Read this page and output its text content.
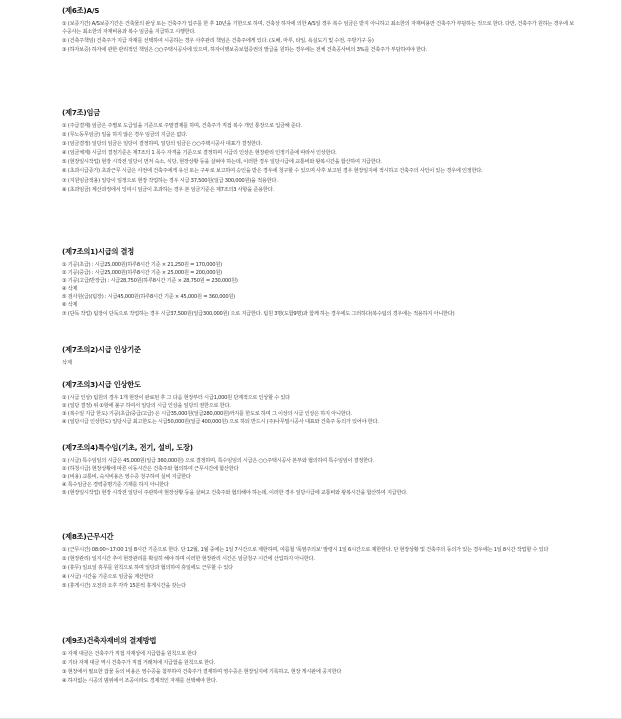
(제6조)A/S
① (보증기간) A/S보증기간은 건축물의 완성 또는 건축주가 입주를 한 후 10년을 기한으로 하며, 건축상 하자에 의한 A/S일 경우 복수 임금은 받지 아니하고 최소한의 자재비용만 건축주가 부담하는 것으로 한다. 다만, 건축주가 원하는 경우에 보수공사는 최소한의 자재비용과 복수 임금을 지급하고 시행한다.
② (건축주책임) 건축주가 지급 자재를 선택하여 시공하는 경우 사후관리 책임은 건축주에게 있다. (도배, 마루, 타일, 욕실도기 및 수전, 주방기구 등)
③ (하자보증) 하자에 관한 관리적인 책임은 ○○주택시공사에 있으며, 하자이행보증보험증권의 발급을 원하는 경우에는 전체 건축공사비의 3%를 건축주가 부담하여야 한다.
(제7조)임금
① (주급결제) 임금은 주별로 도급일을 기준으로 주말결제를 하며, 건축주가 직접 복수 개인 통장으로 입금해 준다.
② (무노동무임금) 일을 하지 않은 경우 임금의 지급은 없다.
③ (임금결정) 일당의 임금은 일당이 결정하며, 일당의 임금은 ○○주택시공사 대표가 결정한다.
④ (임금체계) 시급의 결정기준은 제7조의 1 목수 자격을 기준으로 결정하며 시급의 인상은 현장관리 인정기준에 따라서 인상한다.
⑤ (현장일시작업) 현장 시작전 일당이 먼저 숙소, 식당, 현장상황 등을 살펴야 하는데, 이러한 경우 일당시급에 교통비와 왕복시간을 합산하여 지급한다.
⑥ (초과시급증가) 초과근무 시급은 사전에 건축주에게 유선 또는 구두로 보고하여 승인을 받은 경우에 청구할 수 있으며 사후 보고된 경우 현장일지에 적시하고 건축주의 사인이 있는 경우에 인정한다.
⑦ (지원임금적용) 일당이 일정으로 현장 작업하는 경우 시급 37,500원(일급 300,000원)을 적용한다.
⑧ (초과임금) 계산과정에서 잉여시 임금이 초과하는 경우 본 임금기준은 제7조의3 사항을 준용한다.
(제7조의1)시급의 결정
① 기공(초급) : 시급25,000원(하루8시간 기준 × 21,250원 = 170,000원)
② 기공(중급) : 시급25,000원(하루8시간 기준 × 25,000원 = 200,000원)
③ 기공(고급/반장급) : 시급28,750원(하루8시간 기준 × 28,750원 = 230,000원)
④ 삭제
⑤ 검사원(급)(팀장) : 시급45,000원(하루8시간 기준 × 45,000원 = 360,000원)
⑥ 삭제
⑦ (단독 작업) 팀장이 단독으로 작업하는 경우 시급37,500원(일급300,000원) 으로 지급한다. 팀원 3명(도합9명)과 함께 하는 경우에도 그러하다(복수팀의 경우에는 적용하지 아니한다)
(제7조의2)시급 인상기준
삭제
(제7조의3)시급 인상한도
① (시급 인상) 팀원의 경우 1개 현장이 완료된 후 그 다음 현장부터 시급1,000원 단계적으로 인상할 수 있다
② (일당 결정) 위 ①항에 불구 하여서 일당의 시급 인상을 일당의 권한으로 한다.
③ (복수일 지급 한도) 기공(초급/중급/고급) 은 시급35,000원(일급280,000원)까지를 한도로 하며 그 이상의 시급 인상은 하지 아니한다.
④ (일당시급 인상한도) 일당시급 최고한도는 시급50,000원(일급 400,000원) 으로 하되 반드시 (주)나무밀시공사 대표와 건축주 동의가 있어야 한다.
(제7조의4)특수임(기초, 전기, 설비, 도장)
① (시급) 특수임임의 시급은 45,000원(일급 360,000원) 으로 결정하며, 특수임임의 시급은 ○○주택시공사 본부와 협의하여 특수임임이 결정한다.
② (하청시급) 현장상황에 따른 이동시간은 건축주와 협의하여 근무시간에 합산한다
③ (비용) 교통비, 숙식비용은 영수증 청구하여 실비 지급한다
④ 특수임금은 경력증명기준 기재를 하지 아니한다
⑤ (현장일시작업) 현장 시작전 일당이 주관하여 현장상황 등을 살펴고 건축주와 협의해야 하는데, 이러한 경우 일당시급에 교통비와 왕복시간을 합산하여 지급한다.
(제8조)근무시간
① (근무시간) 08:00~17:00 1일 8시간 기준으로 한다. 단 12월, 1월 중에는 1일 7시간으로 제한하며, 여름철 '폭염주의보' 발령시 1일 6시간으로 제한한다. 단 현장상황 및 건축주의 동의가 있는 경우에는 1일 8시간 작업할 수 있다
② (현장관리) 일지시간 추어 현장관리를 확실히 해야 하며 이러한 현장관리 시간은 임금청구 시간에 산입하지 아니한다.
③ (휴무) 일요일 휴무를 원칙으로 하며 일당과 협의하여 휴일에도 근무할 수 있다
④ (시급) 시간을 기준으로 임금을 계산한다
⑤ (휴게시간) 오전과 오후 각각 15분씩 휴게시간을 갖는다
(제9조)건축자재비의 결제방법
① 자재 대금은 건축주가 직접 자재상에 지급함을 원칙으로 한다
② 기타 자재 대금 역시 건축주가 직접 거래처에 지급함을 원칙으로 한다.
③ 현장에서 필요한 잡물 등의 비용은 영수증을 첨부하여 건축주가 결재하며 영수증은 현장일지에 기록하고, 현장 게시판에 공지한다
④ 하자없는 시공의 범위에서 조공이라도 경제적인 자재를 선택해야 한다.
